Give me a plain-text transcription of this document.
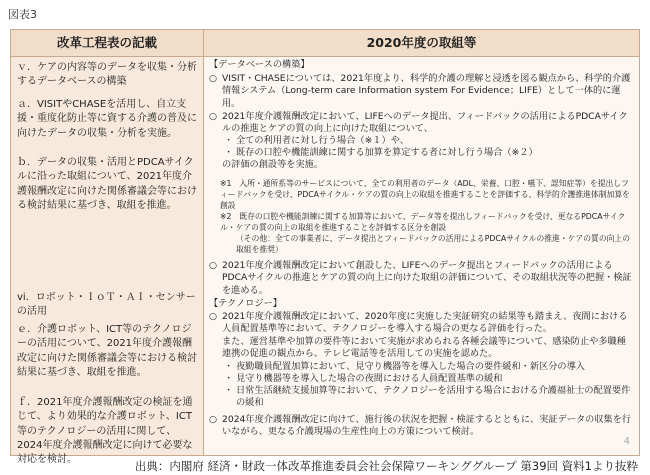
図表3
改革工程表の記載	2020年度の取組等
ｖ．ケアの内容等のデータを収集・分析するデータベースの構築
ａ．VISITやCHASEを活用し、自立支援・重度化防止等に資する介護の普及に向けたデータの収集・分析を実施。
ｂ．データの収集・活用とPDCAサイクルに沿った取組について、2021年度介護報酬改定に向けた関係審議会等における検討結果に基づき、取組を推進。
vi．ロボット・ＩｏＴ・ＡＩ・センサーの活用
ｅ．介護ロボット、ICT等のテクノロジーの活用について、2021年度介護報酬改定に向けた関係審議会等における検討結果に基づき、取組を推進。
ｆ．2021年度介護報酬改定の検証を通じて、より効果的な介護ロボット、ICT等のテクノロジーの活用に関して、2024年度介護報酬改定に向けて必要な対応を検討。
【データベースの構築】
○ VISIT・CHASEについては、2021年度より、科学的介護の理解と浸透を図る観点から、科学的介護情報システム（Long-term care Information system For Evidence；LIFE）として一体的に運用。
○ 2021年度介護報酬改定において、LIFEへのデータ提出、フィードバックの活用によるPDCAサイクルの推進とケアの質の向上に向けた取組について、
・ 全ての利用者に対し行う場合（※１）や、
・ 既存の口腔や機能訓練に関する加算を算定する者に対し行う場合（※２）
の評価の創設等を実施。
※1　入所・通所系等のサービスについて、全ての利用者のデータ（ADL、栄養、口腔・嚥下、認知症等）を提出しフィードバックを受け、PDCAサイクル・ケアの質の向上の取組を推進することを評価する、科学的介護推進体制加算を創設
※2　既存の口腔や機能訓練に関する加算等において、データ等を提出しフィードバックを受け、更なるPDCAサイクル・ケアの質の向上の取組を推進することを評価する区分を創設
（その他：全ての事業者に、データ提出とフィードバックの活用によるPDCAサイクルの推進・ケアの質の向上の取組を推奨）
○ 2021年度介護報酬改定において創設した、LIFEへのデータ提出とフィードバックの活用によるPDCAサイクルの推進とケアの質の向上に向けた取組の評価について、その取組状況等の把握・検証を進める。
【テクノロジー】
○ 2021年度介護報酬改定において、2020年度に実施した実証研究の結果等も踏まえ、夜間における人員配置基準等において、テクノロジーを導入する場合の更なる評価を行った。
また、運営基準や加算の要件等において実施が求められる各種会議等について、感染防止や多職種連携の促進の観点から、テレビ電話等を活用しての実施を認めた。
・ 夜勤職員配置加算において、見守り機器等を導入した場合の要件緩和・新区分の導入
・ 見守り機器等を導入した場合の夜間における人員配置基準の緩和
・ 日常生活継続支援加算等において、テクノロジーを活用する場合における介護福祉士の配置要件の緩和
○ 2024年度介護報酬改定に向けて、施行後の状況を把握・検証するとともに、実証データの収集を行いながら、更なる介護現場の生産性向上の方策について検討。
4
出典：内閣府 経済・財政一体改革推進委員会社会保障ワーキンググループ 第39回 資料1より抜粋
